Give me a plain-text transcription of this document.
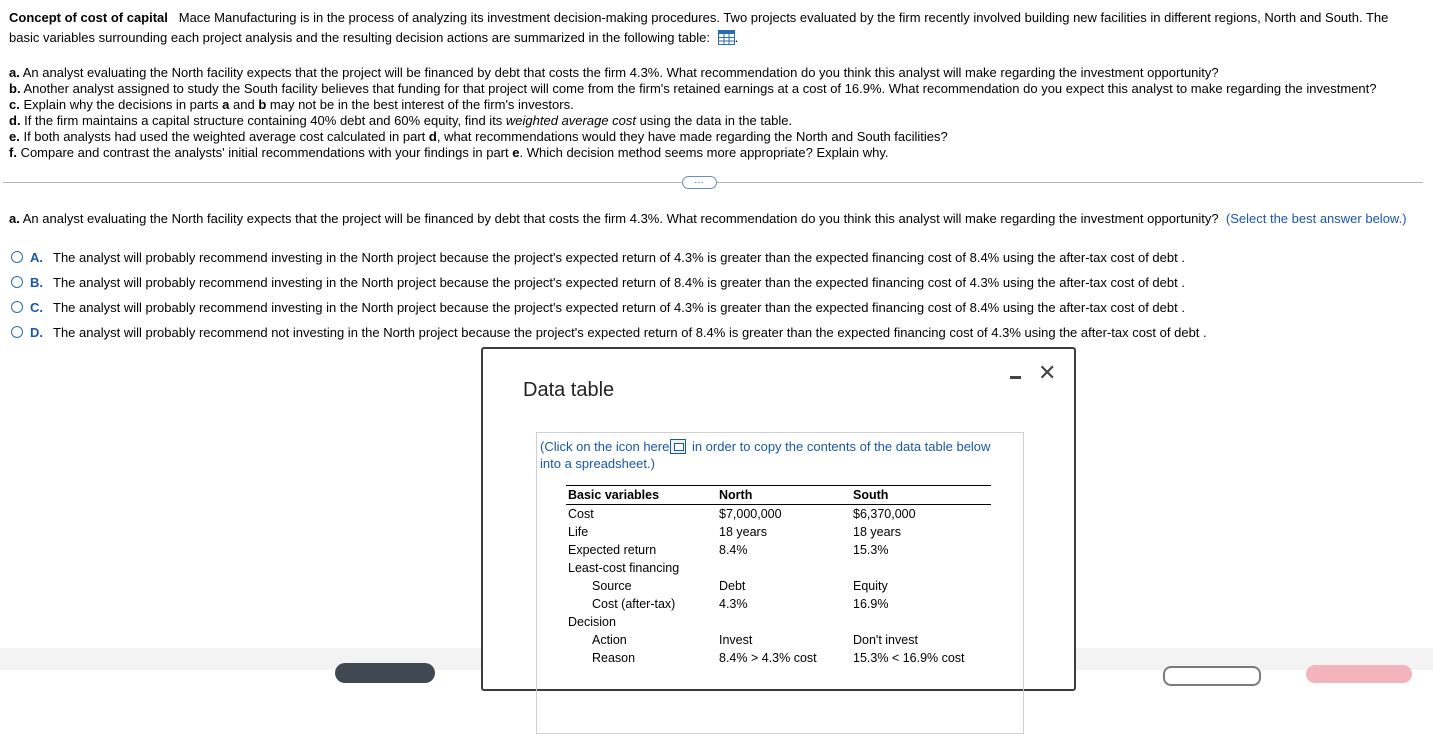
Concept of cost of capital Mace Manufacturing is in the process of analyzing its investment decision-making procedures. Two projects evaluated by the firm recently involved building new facilities in different regions, North and South. The
basic variables surrounding each project analysis and the resulting decision actions are summarized in the following table: .
a. An analyst evaluating the North facility expects that the project will be financed by debt that costs the firm 4.3%. What recommendation do you think this analyst will make regarding the investment opportunity?
b. Another analyst assigned to study the South facility believes that funding for that project will come from the firm's retained earnings at a cost of 16.9%. What recommendation do you expect this analyst to make regarding the investment?
c. Explain why the decisions in parts a and b may not be in the best interest of the firm's investors.
d. If the firm maintains a capital structure containing 40% debt and 60% equity, find its weighted average cost using the data in the table.
e. If both analysts had used the weighted average cost calculated in part d, what recommendations would they have made regarding the North and South facilities?
f. Compare and contrast the analysts' initial recommendations with your findings in part e. Which decision method seems more appropriate? Explain why.
…
a. An analyst evaluating the North facility expects that the project will be financed by debt that costs the firm 4.3%. What recommendation do you think this analyst will make regarding the investment opportunity? (Select the best answer below.)
A. The analyst will probably recommend investing in the North project because the project's expected return of 4.3% is greater than the expected financing cost of 8.4% using the after-tax cost of debt .
B. The analyst will probably recommend investing in the North project because the project's expected return of 8.4% is greater than the expected financing cost of 4.3% using the after-tax cost of debt .
C. The analyst will probably recommend investing in the North project because the project's expected return of 4.3% is greater than the expected financing cost of 8.4% using the after-tax cost of debt .
D. The analyst will probably recommend not investing in the North project because the project's expected return of 8.4% is greater than the expected financing cost of 4.3% using the after-tax cost of debt .
Data table
✕
(Click on the icon here in order to copy the contents of the data table below into a spreadsheet.)
Basic variables	North	South
Cost	$7,000,000	$6,370,000
Life	18 years	18 years
Expected return	8.4%	15.3%
Least-cost financing		
Source	Debt	Equity
Cost (after-tax)	4.3%	16.9%
Decision		
Action	Invest	Don't invest
Reason	8.4% > 4.3% cost	15.3% < 16.9% cost
